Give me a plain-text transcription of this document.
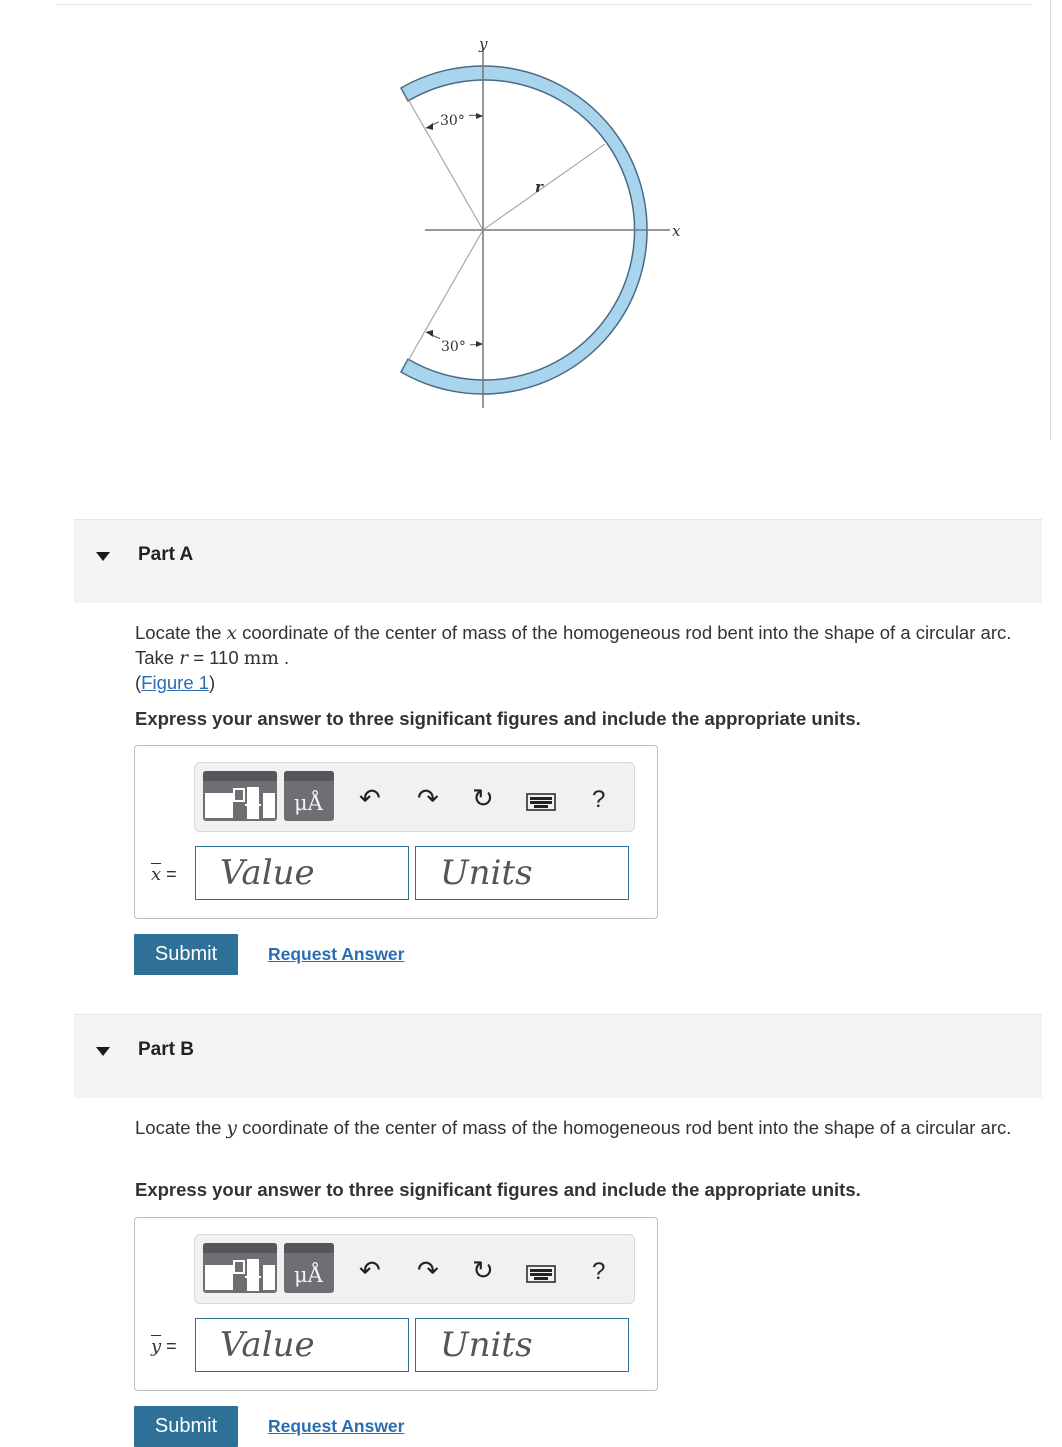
30°
30°
y
x
r
Part A
Locate the x coordinate of the center of mass of the homogeneous rod bent into the shape of a circular arc. Take r = 110 mm .
(Figure 1)
Express your answer to three significant figures and include the appropriate units.
μÅ ↶ ↷ ↻	?
$\overline{x}$ =	Value	Units
Submit	Request Answer
Part B
Locate the y coordinate of the center of mass of the homogeneous rod bent into the shape of a circular arc.
Express your answer to three significant figures and include the appropriate units.
μÅ ↶ ↷ ↻	?
$\overline{y}$ =	Value	Units
Submit	Request Answer
